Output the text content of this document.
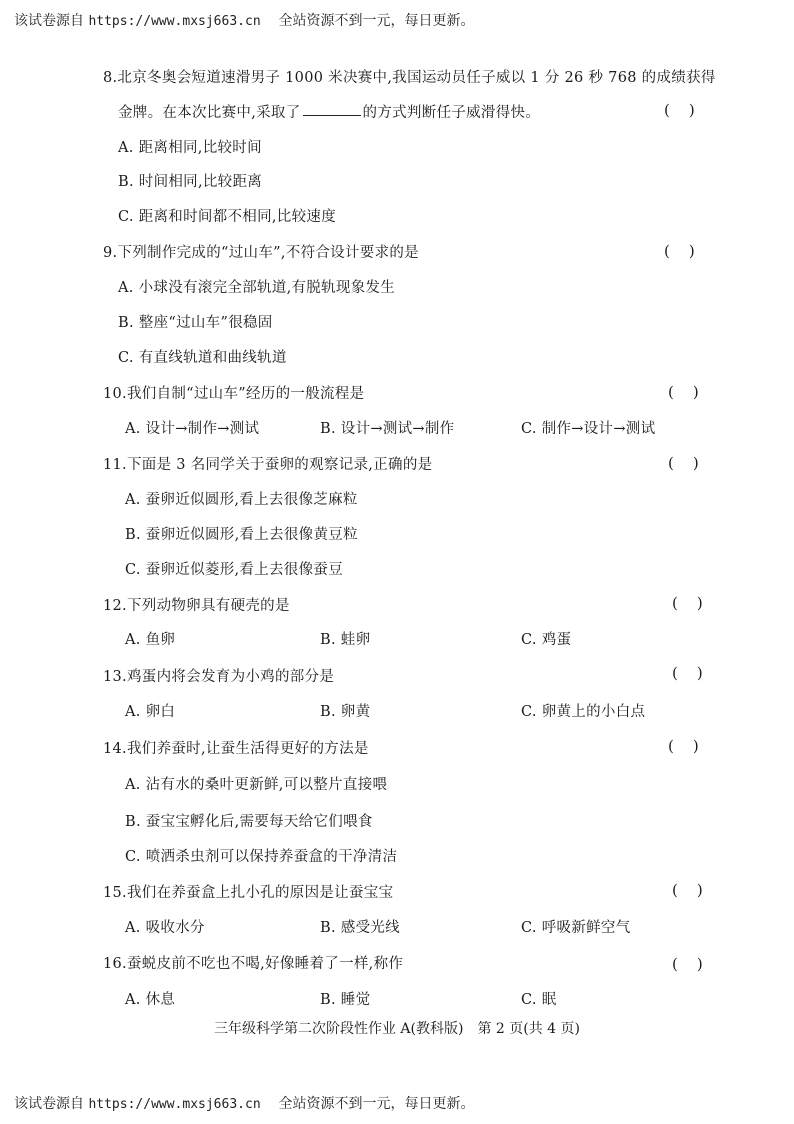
该试卷源自 https://www.mxsj663.cn 全站资源不到一元，每日更新。
8.北京冬奥会短道速滑男子 1000 米决赛中,我国运动员任子威以 1 分 26 秒 768 的成绩获得
金牌。在本次比赛中,采取了	的方式判断任子威滑得快。	(    )
A. 距离相同,比较时间
B. 时间相同,比较距离
C. 距离和时间都不相同,比较速度
9.下列制作完成的“过山车”,不符合设计要求的是	(    )
A. 小球没有滚完全部轨道,有脱轨现象发生
B. 整座“过山车”很稳固
C. 有直线轨道和曲线轨道
10.我们自制“过山车”经历的一般流程是	(    )
A. 设计→制作→测试	B. 设计→测试→制作	C. 制作→设计→测试
11.下面是 3 名同学关于蚕卵的观察记录,正确的是	(    )
A. 蚕卵近似圆形,看上去很像芝麻粒
B. 蚕卵近似圆形,看上去很像黄豆粒
C. 蚕卵近似菱形,看上去很像蚕豆
12.下列动物卵具有硬壳的是	(    )
A. 鱼卵	B. 蛙卵	C. 鸡蛋
13.鸡蛋内将会发育为小鸡的部分是	(    )
A. 卵白	B. 卵黄	C. 卵黄上的小白点
14.我们养蚕时,让蚕生活得更好的方法是	(    )
A. 沾有水的桑叶更新鲜,可以整片直接喂
B. 蚕宝宝孵化后,需要每天给它们喂食
C. 喷洒杀虫剂可以保持养蚕盒的干净清洁
15.我们在养蚕盒上扎小孔的原因是让蚕宝宝	(    )
A. 吸收水分	B. 感受光线	C. 呼吸新鲜空气
16.蚕蜕皮前不吃也不喝,好像睡着了一样,称作	(    )
A. 休息	B. 睡觉	C. 眠
三年级科学第二次阶段性作业 A(教科版)　第 2 页(共 4 页)
该试卷源自 https://www.mxsj663.cn 全站资源不到一元，每日更新。
